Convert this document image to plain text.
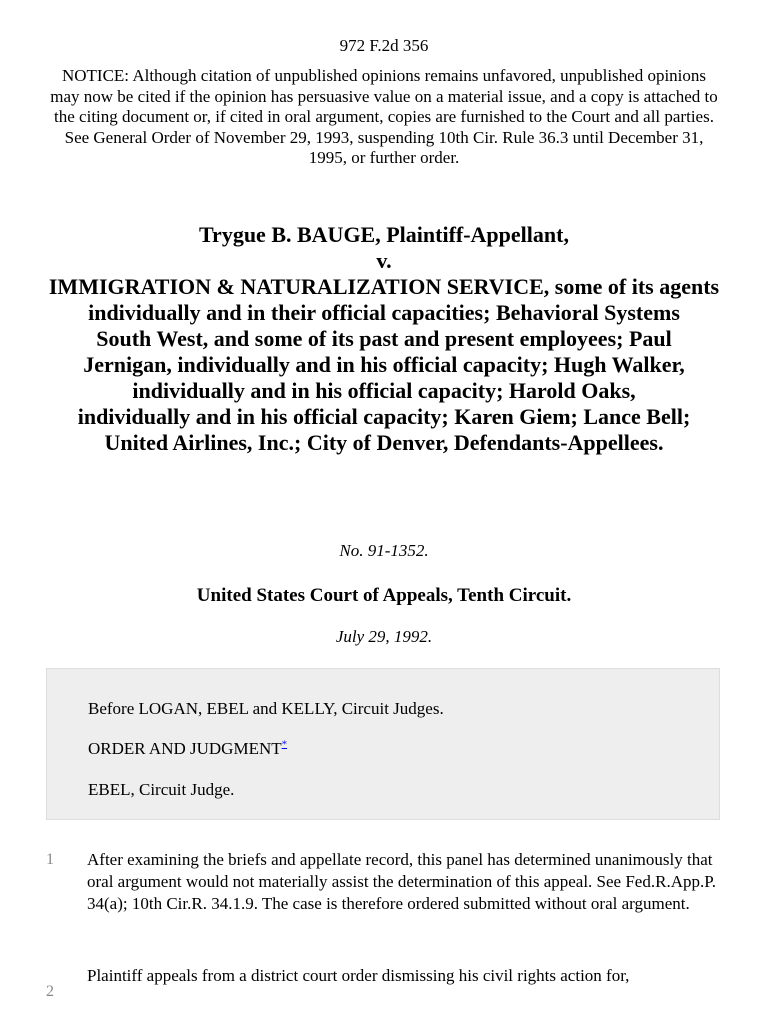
972 F.2d 356
NOTICE: Although citation of unpublished opinions remains unfavored, unpublished opinions may now be cited if the opinion has persuasive value on a material issue, and a copy is attached to the citing document or, if cited in oral argument, copies are furnished to the Court and all parties. See General Order of November 29, 1993, suspending 10th Cir. Rule 36.3 until December 31, 1995, or further order.
Trygue B. BAUGE, Plaintiff-Appellant,
v.
IMMIGRATION & NATURALIZATION SERVICE, some of its agents
individually and in their official capacities; Behavioral Systems South West, and some of its past and present employees; Paul Jernigan, individually and in his official capacity; Hugh Walker, individually and in his official capacity; Harold Oaks, individually and in his official capacity; Karen Giem; Lance Bell; United Airlines, Inc.; City of Denver, Defendants-Appellees.
No. 91-1352.
United States Court of Appeals, Tenth Circuit.
July 29, 1992.

Before LOGAN, EBEL and KELLY, Circuit Judges.

ORDER AND JUDGMENT*

EBEL, Circuit Judge.

1 After examining the briefs and appellate record, this panel has determined unanimously that oral argument would not materially assist the determination of this appeal. See Fed.R.App.P. 34(a); 10th Cir.R. 34.1.9. The case is therefore ordered submitted without oral argument.
2
Plaintiff appeals from a district court order dismissing his civil rights action for,
